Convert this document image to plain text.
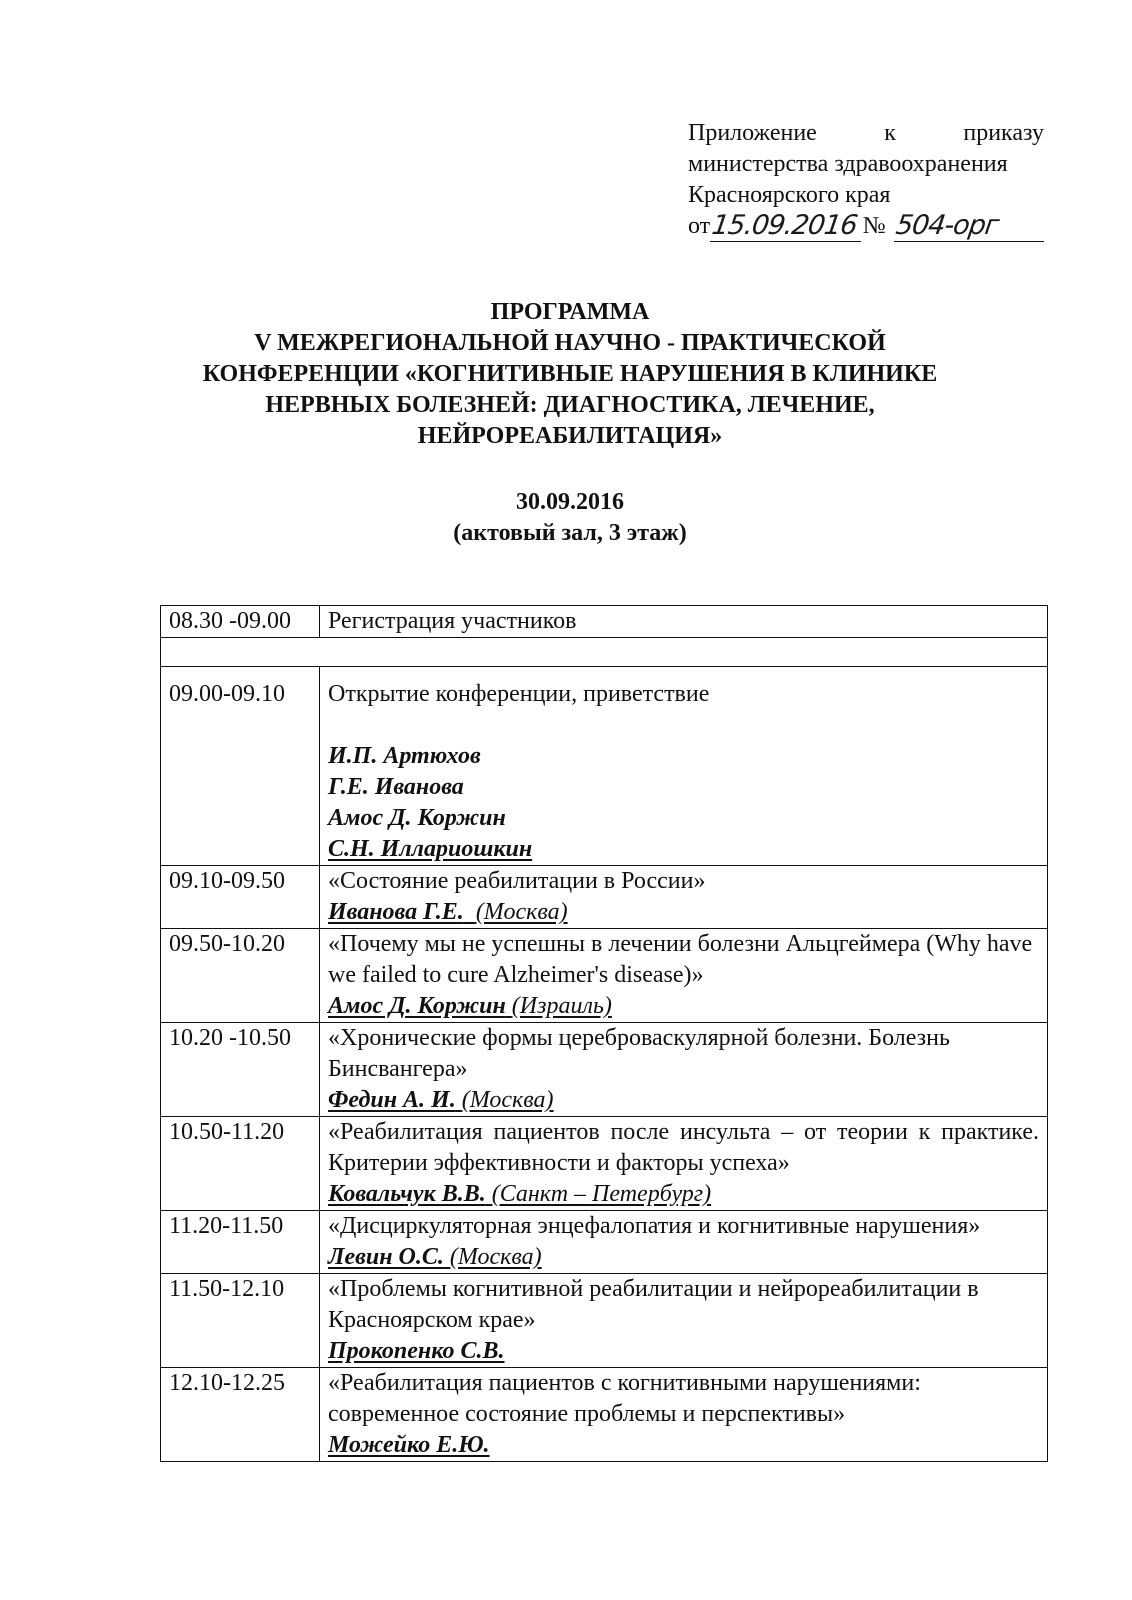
Приложение	к	приказу
министерства здравоохранения
Красноярского края
от 15.09.2016 № 504-орг
ПРОГРАММА
V МЕЖРЕГИОНАЛЬНОЙ НАУЧНО - ПРАКТИЧЕСКОЙ
КОНФЕРЕНЦИИ «КОГНИТИВНЫЕ НАРУШЕНИЯ В КЛИНИКЕ
НЕРВНЫХ БОЛЕЗНЕЙ: ДИАГНОСТИКА, ЛЕЧЕНИЕ,
НЕЙРОРЕАБИЛИТАЦИЯ»
30.09.2016
(актовый зал, 3 этаж)
08.30 -09.00	Регистрация участников

09.00-09.10	Открытие конференции, приветствие
И.П. Артюхов
Г.Е. Иванова
Амос Д. Коржин
С.Н. Иллариошкин

09.10-09.50	«Состояние реабилитации в России»
Иванова Г.Е. (Москва)

09.50-10.20	«Почему мы не успешны в лечении болезни Альцгеймера (Why have we failed to cure Alzheimer's disease)»
Амос Д. Коржин (Израиль)

10.20 -10.50	«Хронические формы цереброваскулярной болезни. Болезнь Бинсвангера»
Федин А. И. (Москва)

10.50-11.20	«Реабилитация пациентов после инсульта – от теории к практике. Критерии эффективности и факторы успеха»
Ковальчук В.В. (Санкт – Петербург)

11.20-11.50	«Дисциркуляторная энцефалопатия и когнитивные нарушения»
Левин О.С. (Москва)

11.50-12.10	«Проблемы когнитивной реабилитации и нейрореабилитации в Красноярском крае»
Прокопенко С.В.

12.10-12.25	«Реабилитация пациентов с когнитивными нарушениями: современное состояние проблемы и перспективы»
Можейко Е.Ю.
